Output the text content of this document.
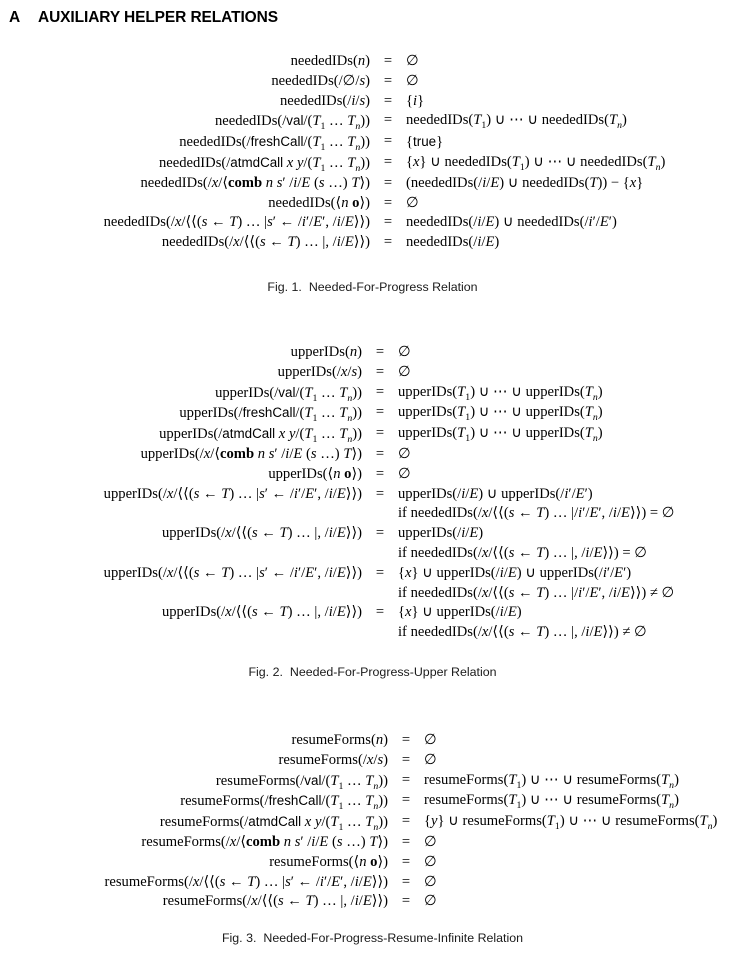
A AUXILIARY HELPER RELATIONS
neededIDs(n) = ∅
neededIDs(/∅/s) = ∅
neededIDs(/i/s) = {i}
$neededIDs(/val/(T_1$ … $T_n$)) = $neededIDs(T_1)$ ∪ ⋯ ∪ $neededIDs(T_n)$
$neededIDs(/freshCall/(T_1$ … $T_n$)) = {true}
neededIDs(/atmdCall x $y/(T_1$ … $T_n)) = \{x\}$ ∪ $neededIDs(T_1)$ ∪ ⋯ ∪ $neededIDs(T_n)$
neededIDs(/x/⟨comb n s′ /i/E (s …) T⟩) = (neededIDs(/i/E) ∪ neededIDs(T)) − {x}
neededIDs(⟨n o⟩) = ∅
neededIDs(/x/⟨⟨(s ← T) … |s′ ← /i′/E′, /i/E⟩⟩) = neededIDs(/i/E) ∪ neededIDs(/i′/E′)
neededIDs(/x/⟨⟨(s ← T) … |, /i/E⟩⟩) = neededIDs(/i/E)
Fig. 1. Needed-For-Progress Relation
upperIDs(n) = ∅
upperIDs(/x/s) = ∅
$upperIDs(/val/(T_1$ … $T_n$)) = $upperIDs(T_1)$ ∪ ⋯ ∪ $upperIDs(T_n)$
$upperIDs(/freshCall/(T_1$ … $T_n$)) = $upperIDs(T_1)$ ∪ ⋯ ∪ $upperIDs(T_n)$
upperIDs(/atmdCall x $y/(T_1$ … $T_n$)) = $upperIDs(T_1)$ ∪ ⋯ ∪ $upperIDs(T_n)$
upperIDs(/x/⟨comb n s′ /i/E (s …) T⟩) = ∅
upperIDs(⟨n o⟩) = ∅
upperIDs(/x/⟨⟨(s ← T) … |s′ ← /i′/E′, /i/E⟩⟩) = upperIDs(/i/E) ∪ upperIDs(/i′/E′)
if neededIDs(/x/⟨⟨(s ← T) … |/i′/E′, /i/E⟩⟩) = ∅
upperIDs(/x/⟨⟨(s ← T) … |, /i/E⟩⟩) = upperIDs(/i/E)
if neededIDs(/x/⟨⟨(s ← T) … |, /i/E⟩⟩) = ∅
upperIDs(/x/⟨⟨(s ← T) … |s′ ← /i′/E′, /i/E⟩⟩) = {x} ∪ upperIDs(/i/E) ∪ upperIDs(/i′/E′)
if neededIDs(/x/⟨⟨(s ← T) … |/i′/E′, /i/E⟩⟩) ≠ ∅
upperIDs(/x/⟨⟨(s ← T) … |, /i/E⟩⟩) = {x} ∪ upperIDs(/i/E)
if neededIDs(/x/⟨⟨(s ← T) … |, /i/E⟩⟩) ≠ ∅
Fig. 2. Needed-For-Progress-Upper Relation
resumeForms(n) = ∅
resumeForms(/x/s) = ∅
$resumeForms(/val/(T_1$ … $T_n$)) = $resumeForms(T_1)$ ∪ ⋯ ∪ $resumeForms(T_n)$
$resumeForms(/freshCall/(T_1$ … $T_n$)) = $resumeForms(T_1)$ ∪ ⋯ ∪ $resumeForms(T_n)$
resumeForms(/atmdCall x $y/(T_1$ … $T_n)) = \{y\}$ ∪ $resumeForms(T_1)$ ∪ ⋯ ∪ $resumeForms(T_n)$
resumeForms(/x/⟨comb n s′ /i/E (s …) T⟩) = ∅
resumeForms(⟨n o⟩) = ∅
resumeForms(/x/⟨⟨(s ← T) … |s′ ← /i′/E′, /i/E⟩⟩) = ∅
resumeForms(/x/⟨⟨(s ← T) … |, /i/E⟩⟩) = ∅
Fig. 3. Needed-For-Progress-Resume-Infinite Relation
